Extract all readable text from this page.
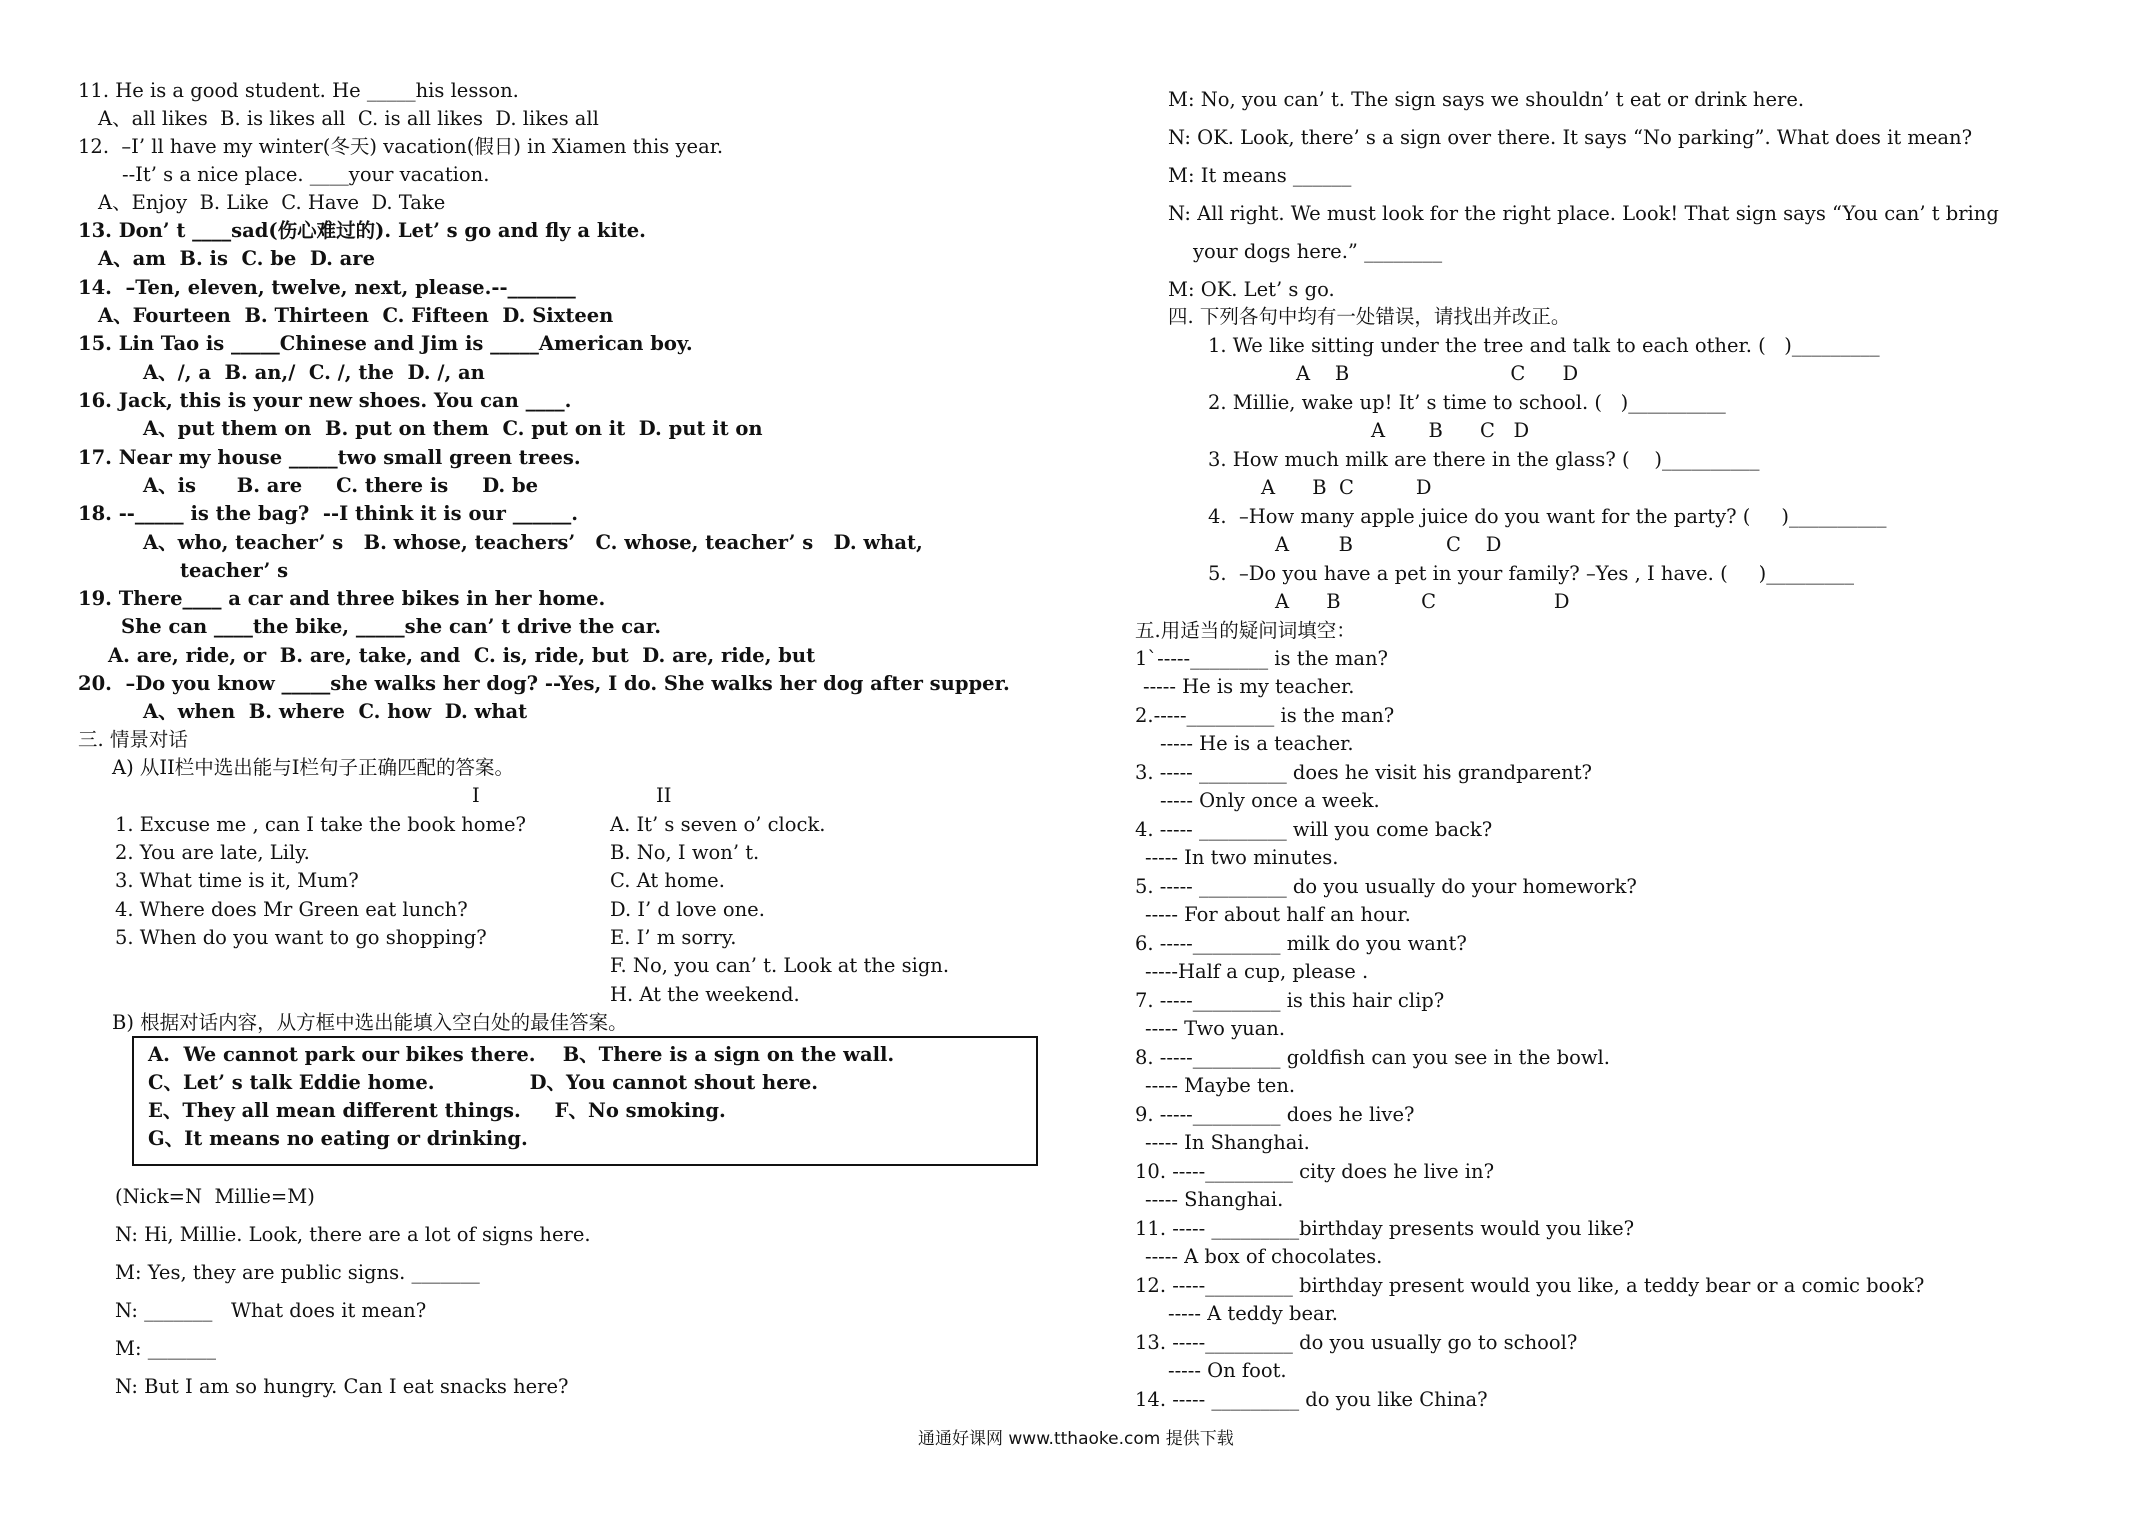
11. He is a good student. He _____his lesson.
A、all likes  B. is likes all  C. is all likes  D. likes all
12.  –I’ ll have my winter(冬天) vacation(假日) in Xiamen this year.
--It’ s a nice place. ____your vacation.
A、Enjoy  B. Like  C. Have  D. Take
13. Don’ t ____sad(伤心难过的). Let’ s go and fly a kite.
A、am  B. is  C. be  D. are
14.  –Ten, eleven, twelve, next, please.--_______
A、Fourteen  B. Thirteen  C. Fifteen  D. Sixteen
15. Lin Tao is _____Chinese and Jim is _____American boy.
A、/, a  B. an,/  C. /, the  D. /, an
16. Jack, this is your new shoes. You can ____.
A、put them on  B. put on them  C. put on it  D. put it on
17. Near my house _____two small green trees.
A、is      B. are     C. there is     D. be
18. --_____ is the bag?  --I think it is our ______.
A、who, teacher’ s   B. whose, teachers’   C. whose, teacher’ s   D. what,
teacher’ s
19. There____ a car and three bikes in her home.
She can ____the bike, _____she can’ t drive the car.
A. are, ride, or  B. are, take, and  C. is, ride, but  D. are, ride, but
20.  –Do you know _____she walks her dog? --Yes, I do. She walks her dog after supper.
A、when  B. where  C. how  D. what
三. 情景对话
A) 从II栏中选出能与I栏句子正确匹配的答案。
I	II
1. Excuse me , can I take the book home?
2. You are late, Lily.
3. What time is it, Mum?
4. Where does Mr Green eat lunch?
5. When do you want to go shopping?
A. It’ s seven o’ clock.
B. No, I won’ t.
C. At home.
D. I’ d love one.
E. I’ m sorry.
F. No, you can’ t. Look at the sign.
H. At the weekend.
B) 根据对话内容，从方框中选出能填入空白处的最佳答案。
A.  We cannot park our bikes there.    B、There is a sign on the wall.
C、Let’ s talk Eddie home.              D、You cannot shout here.
E、They all mean different things.     F、No smoking.
G、It means no eating or drinking.
(Nick=N  Millie=M)
N: Hi, Millie. Look, there are a lot of signs here.
M: Yes, they are public signs. _______
N: _______   What does it mean?
M: _______
N: But I am so hungry. Can I eat snacks here?
M: No, you can’ t. The sign says we shouldn’ t eat or drink here.
N: OK. Look, there’ s a sign over there. It says “No parking”. What does it mean?
M: It means ______
N: All right. We must look for the right place. Look! That sign says “You can’ t bring
your dogs here.” ________
M: OK. Let’ s go.
四. 下列各句中均有一处错误，请找出并改正。
1. We like sitting under the tree and talk to each other. (   )_________
A    B                          C      D
2. Millie, wake up! It’ s time to school. (   )__________
A       B      C   D
3. How much milk are there in the glass? (    )__________
A      B  C          D
4.  –How many apple juice do you want for the party? (     )__________
A        B               C    D
5.  –Do you have a pet in your family? –Yes , I have. (     )_________
A      B             C                   D
五.用适当的疑问词填空：
1`-----________ is the man?
----- He is my teacher.
2.-----_________ is the man?
----- He is a teacher.
3. ----- _________ does he visit his grandparent?
----- Only once a week.
4. ----- _________ will you come back?
----- In two minutes.
5. ----- _________ do you usually do your homework?
----- For about half an hour.
6. -----_________ milk do you want?
-----Half a cup, please .
7. -----_________ is this hair clip?
----- Two yuan.
8. -----_________ goldfish can you see in the bowl.
----- Maybe ten.
9. -----_________ does he live?
----- In Shanghai.
10. -----_________ city does he live in?
----- Shanghai.
11. ----- _________birthday presents would you like?
----- A box of chocolates.
12. -----_________ birthday present would you like, a teddy bear or a comic book?
----- A teddy bear.
13. -----_________ do you usually go to school?
----- On foot.
14. ----- _________ do you like China?
通通好课网 www.tthaoke.com 提供下载
